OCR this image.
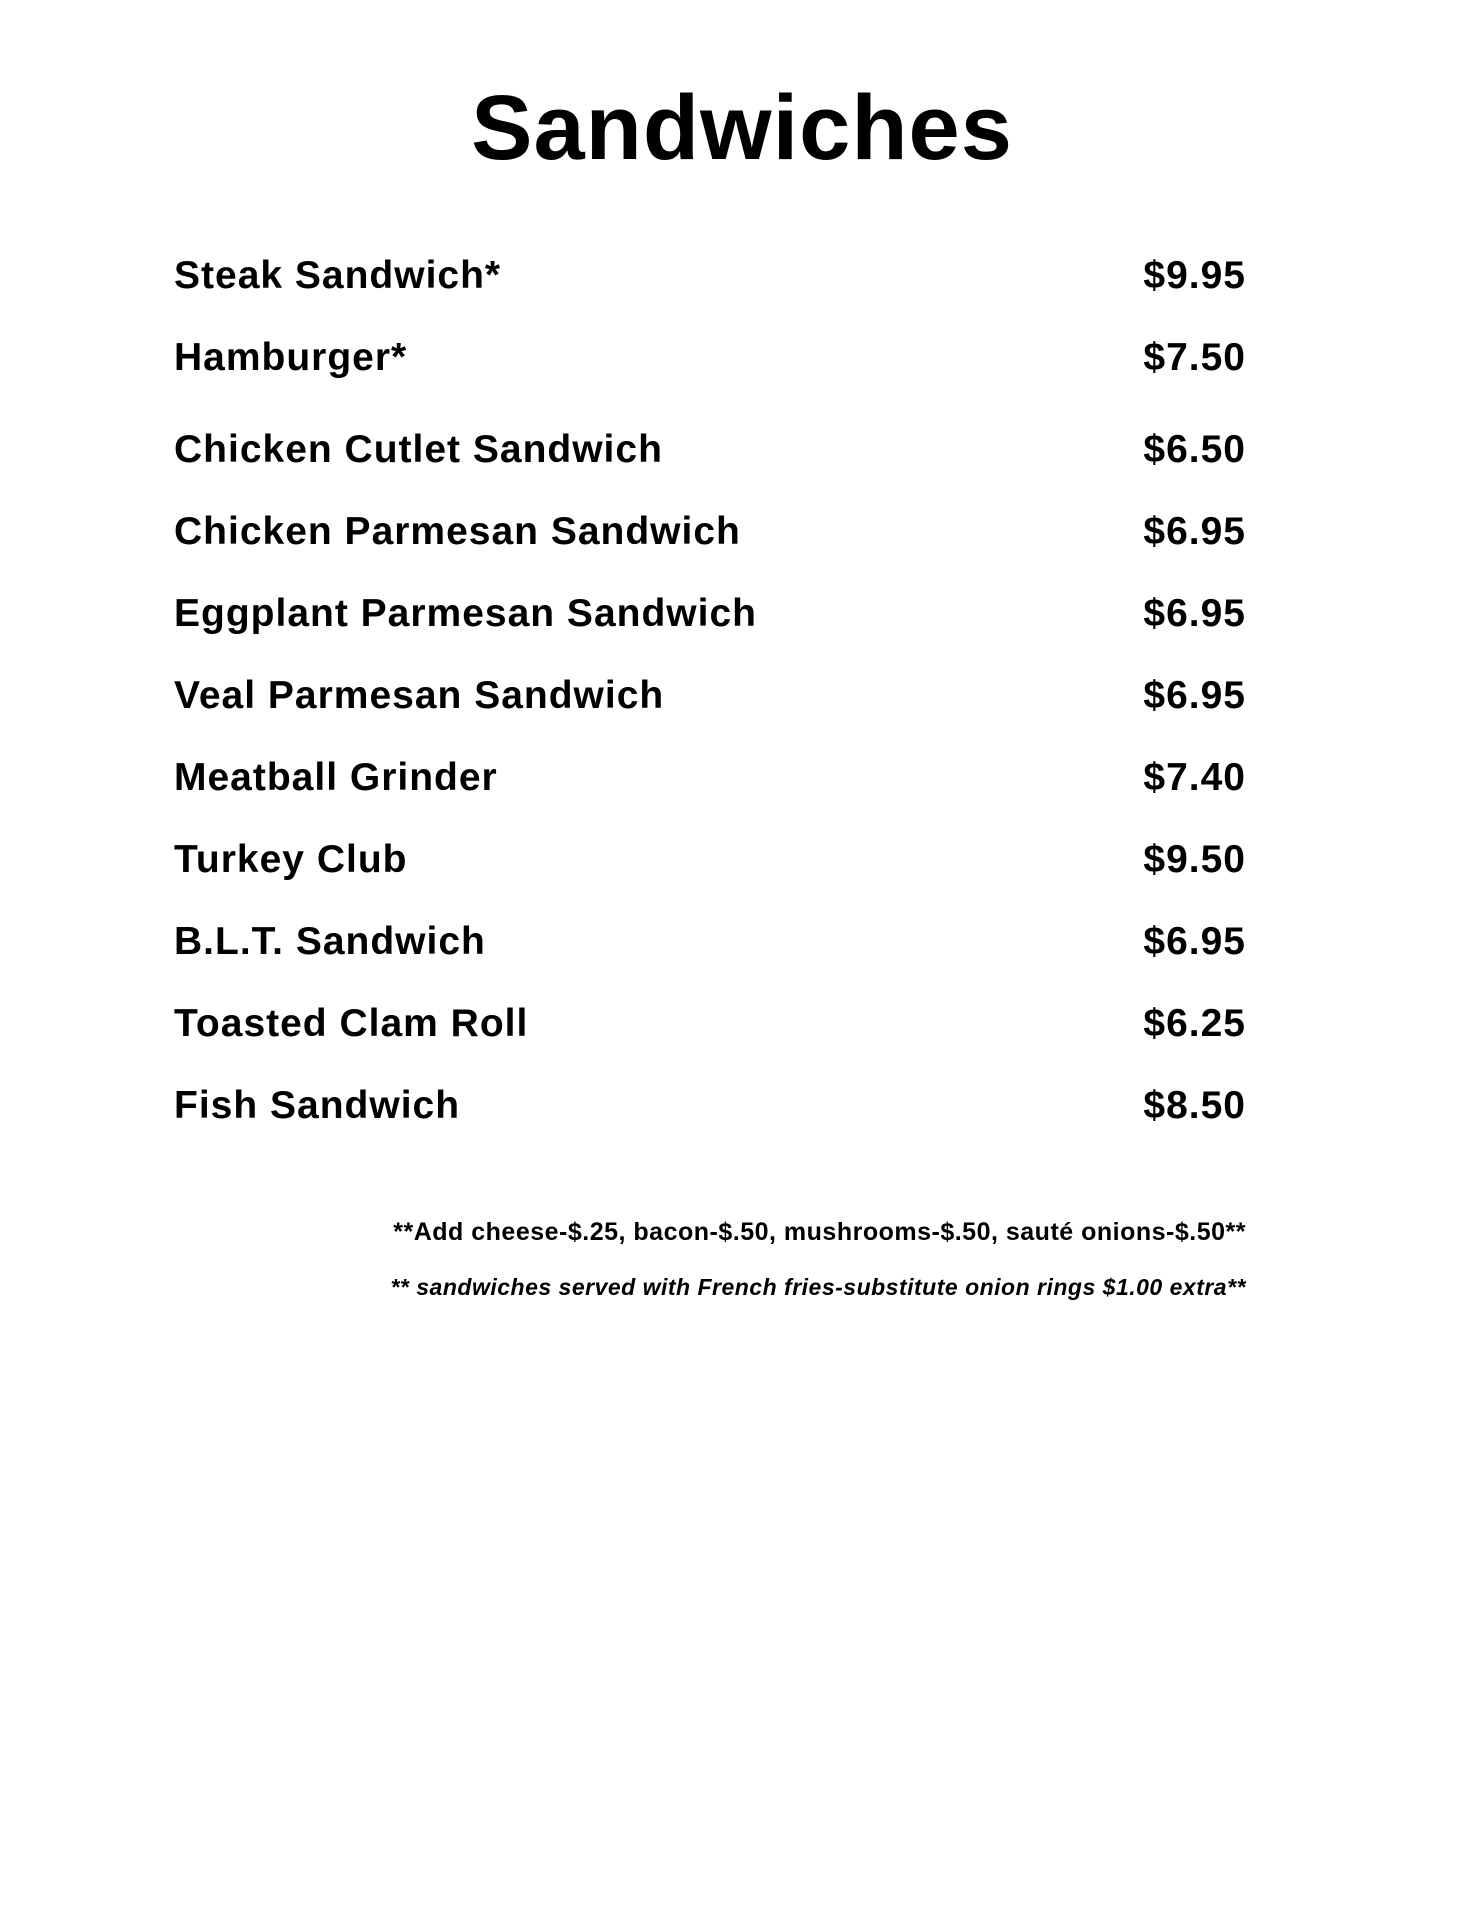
Sandwiches
Steak Sandwich*	$9.95
Hamburger*	$7.50
Chicken Cutlet Sandwich	$6.50
Chicken Parmesan Sandwich	$6.95
Eggplant Parmesan Sandwich	$6.95
Veal Parmesan Sandwich	$6.95
Meatball Grinder	$7.40
Turkey Club	$9.50
B.L.T. Sandwich	$6.95
Toasted Clam Roll	$6.25
Fish Sandwich	$8.50

**Add cheese-$.25, bacon-$.50, mushrooms-$.50, sauté onions-$.50**

** sandwiches served with French fries-substitute onion rings $1.00 extra**
